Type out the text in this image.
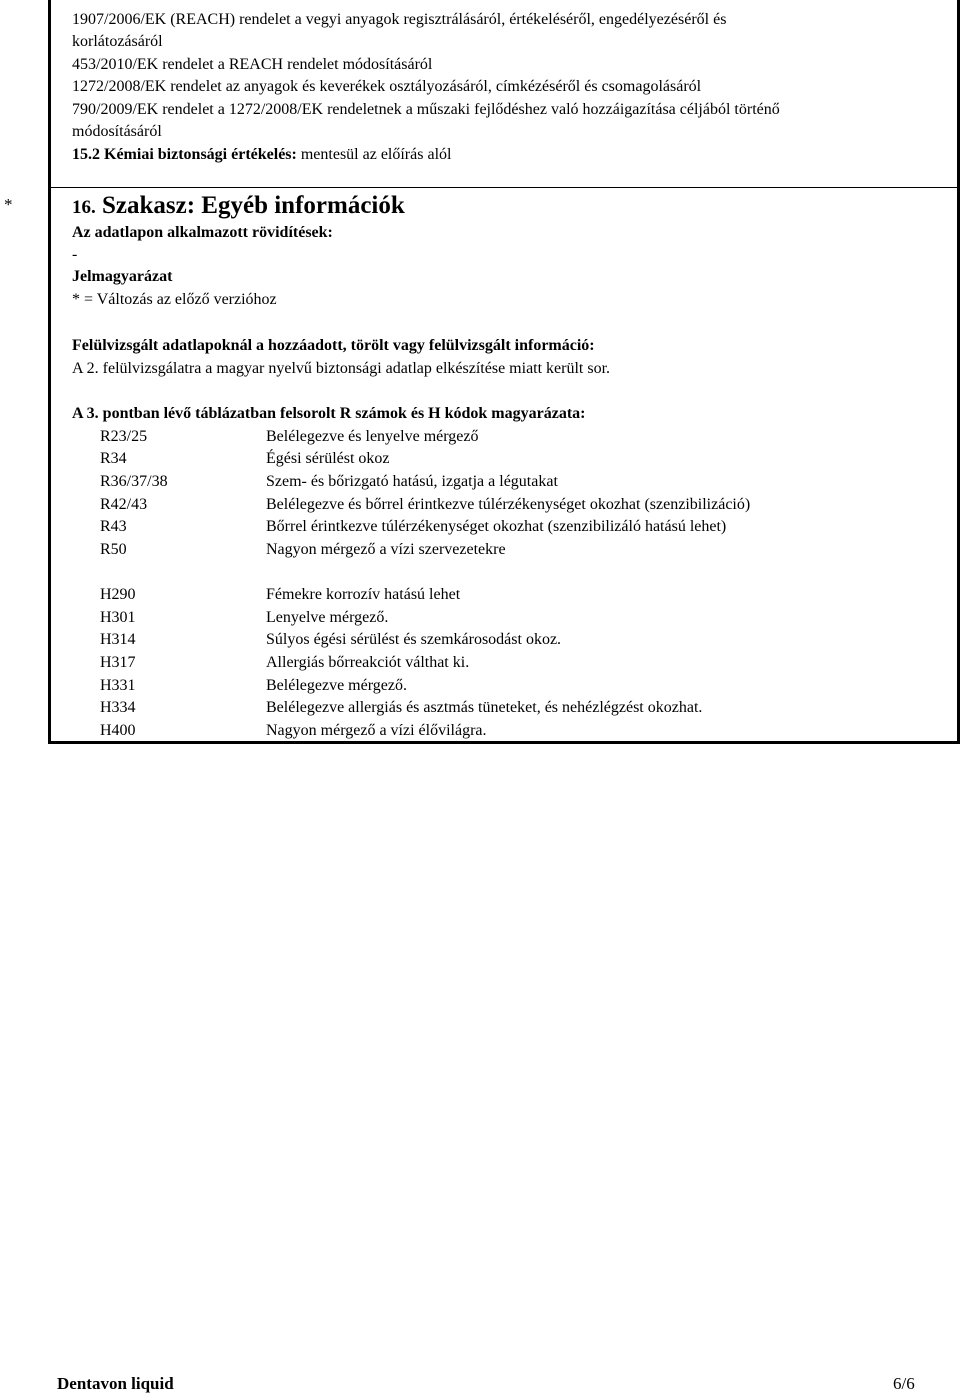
1907/2006/EK (REACH) rendelet a vegyi anyagok regisztrálásáról, értékeléséről, engedélyezéséről és
korlátozásáról
453/2010/EK rendelet a REACH rendelet módosításáról
1272/2008/EK rendelet az anyagok és keverékek osztályozásáról, címkézéséről és csomagolásáról
790/2009/EK rendelet a 1272/2008/EK rendeletnek a műszaki fejlődéshez való hozzáigazítása céljából történő
módosításáról
15.2 Kémiai biztonsági értékelés: mentesül az előírás alól
*	16. Szakasz: Egyéb információk
Az adatlapon alkalmazott rövidítések:
-
Jelmagyarázat
* = Változás az előző verzióhoz
Felülvizsgált adatlapoknál a hozzáadott, törölt vagy felülvizsgált információ:
A 2. felülvizsgálatra a magyar nyelvű biztonsági adatlap elkészítése miatt került sor.
A 3. pontban lévő táblázatban felsorolt R számok és H kódok magyarázata:
R23/25	Belélegezve és lenyelve mérgező
R34	Égési sérülést okoz
R36/37/38	Szem- és bőrizgató hatású, izgatja a légutakat
R42/43	Belélegezve és bőrrel érintkezve túlérzékenységet okozhat (szenzibilizáció)
R43	Bőrrel érintkezve túlérzékenységet okozhat (szenzibilizáló hatású lehet)
R50	Nagyon mérgező a vízi szervezetekre
H290	Fémekre korrozív hatású lehet
H301	Lenyelve mérgező.
H314	Súlyos égési sérülést és szemkárosodást okoz.
H317	Allergiás bőrreakciót válthat ki.
H331	Belélegezve mérgező.
H334	Belélegezve allergiás és asztmás tüneteket, és nehézlégzést okozhat.
H400	Nagyon mérgező a vízi élővilágra.
Dentavon liquid	6/6
